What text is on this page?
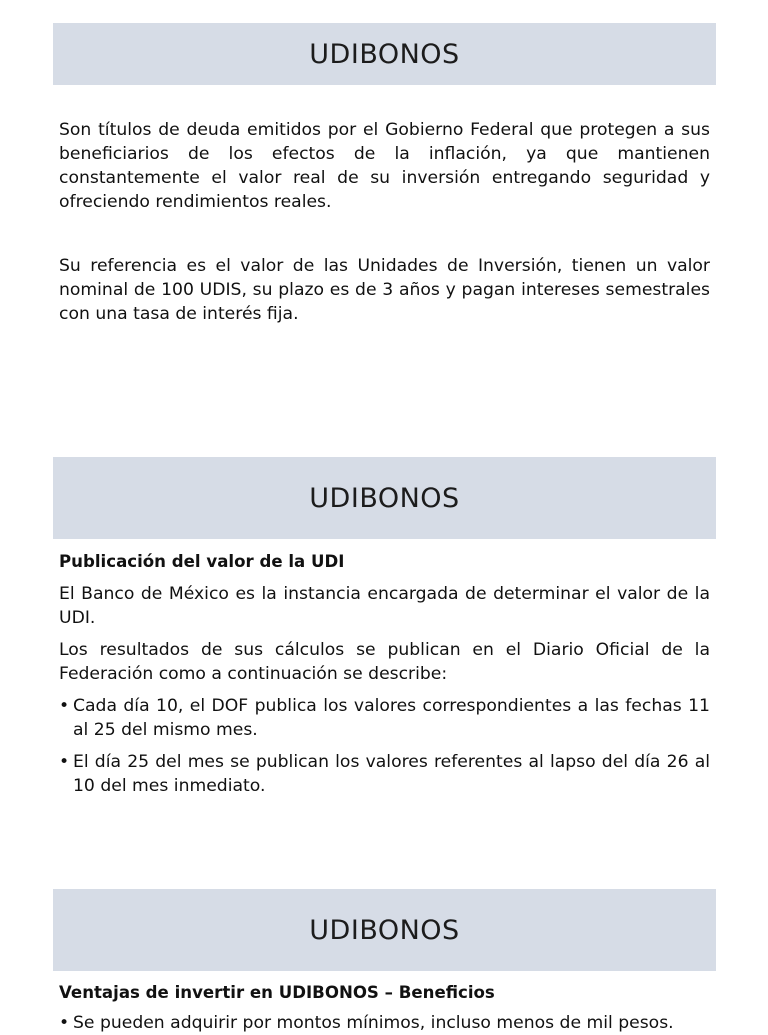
UDIBONOS

Son títulos de deuda emitidos por el Gobierno Federal que protegen a sus beneficiarios de los efectos de la inflación, ya que mantienen constantemente el valor real de su inversión entregando seguridad y ofreciendo rendimientos reales.

Su referencia es el valor de las Unidades de Inversión, tienen un valor nominal de 100 UDIS, su plazo es de 3 años y pagan intereses semestrales con una tasa de interés fija.

UDIBONOS

Publicación del valor de la UDI

El Banco de México es la instancia encargada de determinar el valor de la UDI.

Los resultados de sus cálculos se publican en el Diario Oficial de la Federación como a continuación se describe:

• Cada día 10, el DOF publica los valores correspondientes a las fechas 11 al 25 del mismo mes.
• El día 25 del mes se publican los valores referentes al lapso del día 26 al 10 del mes inmediato.
UDIBONOS

Ventajas de invertir en UDIBONOS – Beneficios

• Se pueden adquirir por montos mínimos, incluso menos de mil pesos.
